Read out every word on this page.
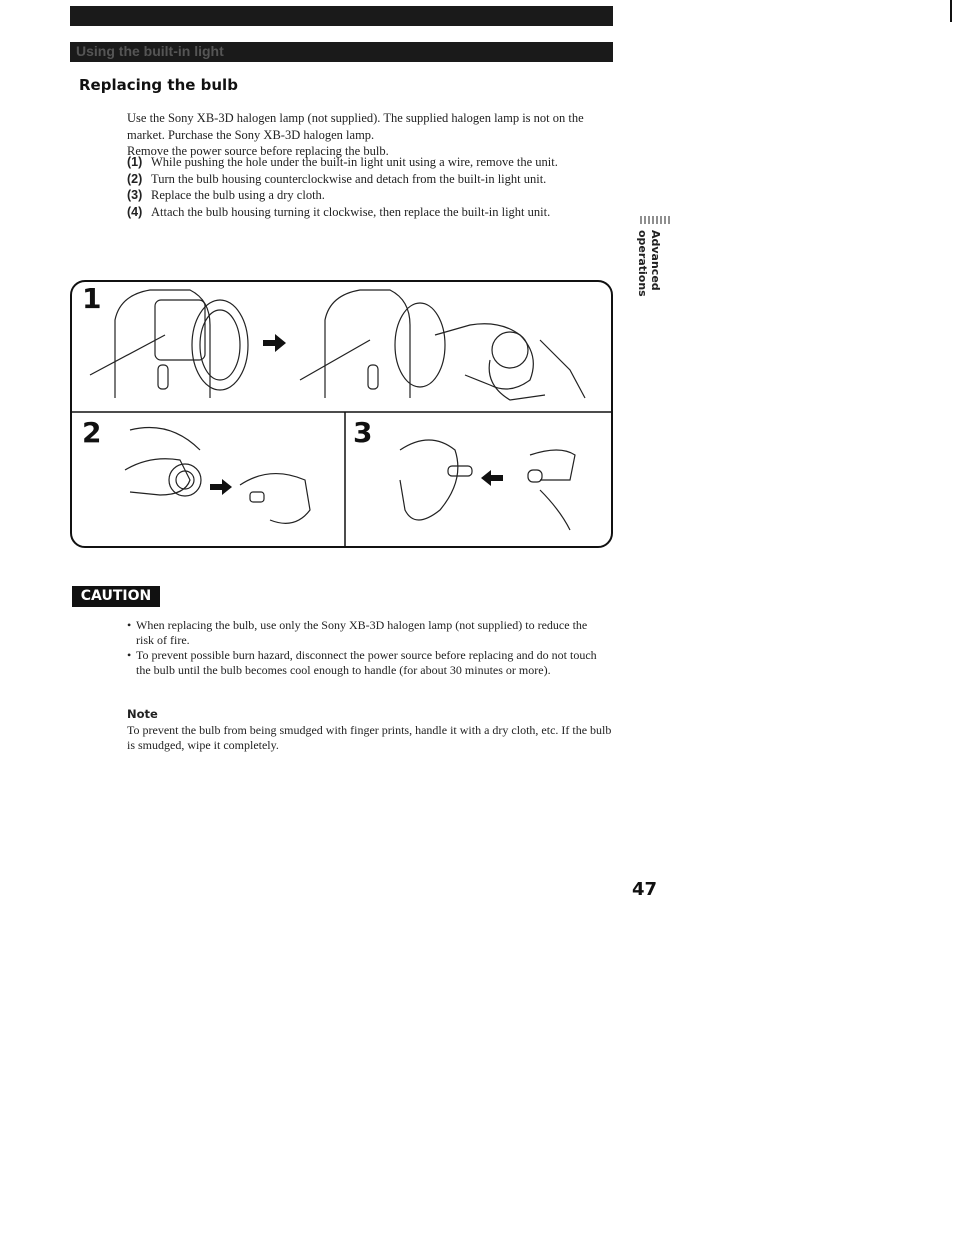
Using the built-in light
Replacing the bulb

Use the Sony XB-3D halogen lamp (not supplied). The supplied halogen lamp is not on the market. Purchase the Sony XB-3D halogen lamp.

Remove the power source before replacing the bulb.

(1) While pushing the hole under the built-in light unit using a wire, remove the unit.
(2) Turn the bulb housing counterclockwise and detach from the built-in light unit.
(3) Replace the bulb using a dry cloth.
(4) Attach the bulb housing turning it clockwise, then replace the built-in light unit.
Advanced operations
1
2	3
CAUTION
• When replacing the bulb, use only the Sony XB-3D halogen lamp (not supplied) to reduce the risk of fire.
• To prevent possible burn hazard, disconnect the power source before replacing and do not touch the bulb until the bulb becomes cool enough to handle (for about 30 minutes or more).
Note
To prevent the bulb from being smudged with finger prints, handle it with a dry cloth, etc. If the bulb is smudged, wipe it completely.
47
